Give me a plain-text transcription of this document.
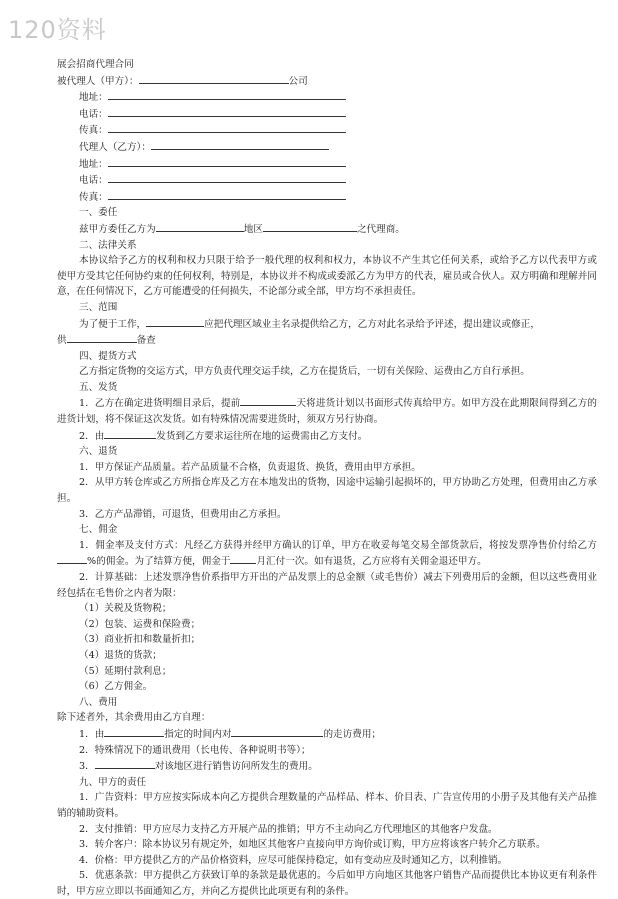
120资料
展会招商代理合同
被代理人（甲方）：	公司
地址：
电话：
传真：
代理人（乙方）：
地址：
电话：
传真：
一、委任
兹甲方委任乙方为	地区	之代理商。
二、法律关系
本协议给予乙方的权利和权力只限于给予一般代理的权利和权力，本协议不产生其它任何关系，或给予乙方以代表甲方或使甲方受其它任何协约束的任何权利，特别是，本协议并不构成或委派乙方为甲方的代表，雇员或合伙人。双方明确和理解并同意，在任何情况下，乙方可能遭受的任何损失，不论部分或全部，甲方均不承担责任。
三、范围
为了便于工作，	应把代理区域业主名录提供给乙方，乙方对此名录给予评述，提出建议或修正，
供	备查
四、提货方式
乙方指定货物的交运方式，甲方负责代理交运手续，乙方在提货后，一切有关保险、运费由乙方自行承担。
五、发货
1．乙方在确定进货明细目录后，提前	天将进货计划以书面形式传真给甲方。如甲方没在此期限间得到乙方的进货计划，将不保证这次发货。如有特殊情况需要进货时，须双方另行协商。
2．由	发货到乙方要求运往所在地的运费需由乙方支付。
六、退货
1．甲方保证产品质量。若产品质量不合格，负责退货、换货，费用由甲方承担。
2．从甲方转仓库或乙方所指仓库及乙方在本地发出的货物，因途中运输引起损坏的，甲方协助乙方处理，但费用由乙方承担。
3．乙方产品滞销，可退货，但费用由乙方承担。
七、佣金
1．佣金率及支付方式：凡经乙方获得并经甲方确认的订单，甲方在收妥每笔交易全部货款后，将按发票净售价付给乙方%的佣金。为了结算方便，佣金于	月汇付一次。如有退货，乙方应将有关佣金退还甲方。
2．计算基础：上述发票净售价系指甲方开出的产品发票上的总金额（或毛售价）减去下列费用后的金额，但以这些费用业经包括在毛售价之内者为限：
（1）关税及货物税；
（2）包装、运费和保险费；
（3）商业折扣和数量折扣；
（4）退货的货款；
（5）延期付款利息；
（6）乙方佣金。
八、费用
除下述者外，其余费用由乙方自理：
1．由	指定的时间内对	的走访费用；
2．特殊情况下的通讯费用（长电传、各种说明书等）；
3．	对该地区进行销售访问所发生的费用。
九、甲方的责任
1．广告资料：甲方应按实际成本向乙方提供合理数量的产品样品、样本、价目表、广告宣传用的小册子及其他有关产品推销的辅助资料。
2．支付推销：甲方应尽力支持乙方开展产品的推销；甲方不主动向乙方代理地区的其他客户发盘。
3．转介客户：除本协议另有规定外，如地区其他客户直接向甲方询价或订购，甲方应将该客户转介乙方联系。
4．价格：甲方提供乙方的产品价格资料，应尽可能保持稳定，如有变动应及时通知乙方，以利推销。
5．优惠条款：甲方提供乙方获致订单的条款是最优惠的。今后如甲方向地区其他客户销售产品而提供比本协议更有利条件时，甲方应立即以书面通知乙方，并向乙方提供比此项更有利的条件。
